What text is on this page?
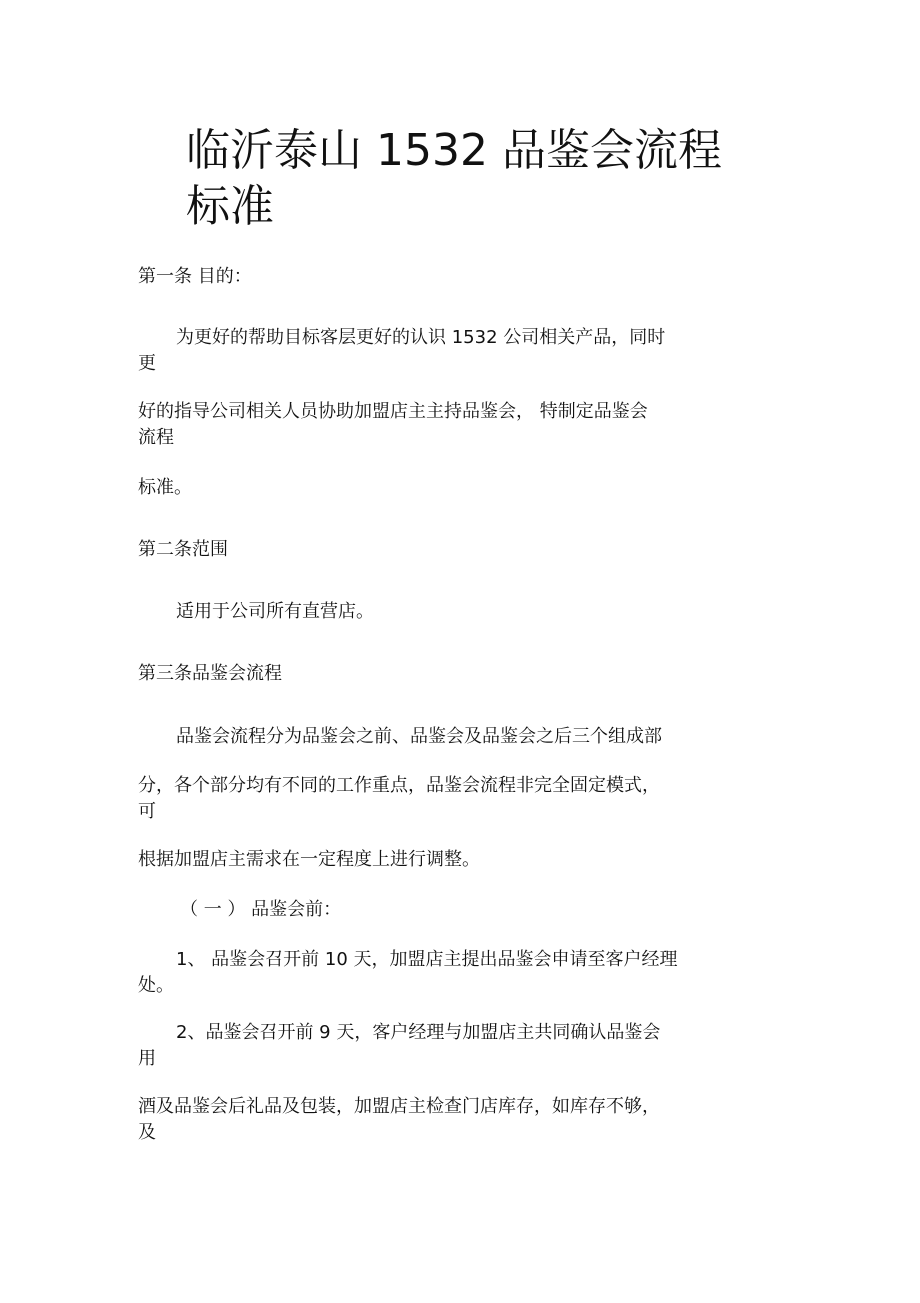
临沂泰山 1532 品鉴会流程
标准

第一条 目的：

为更好的帮助目标客层更好的认识 1532 公司相关产品，同时
更

好的指导公司相关人员协助加盟店主主持品鉴会， 特制定品鉴会
流程

标准。

第二条范围

适用于公司所有直营店。

第三条品鉴会流程

品鉴会流程分为品鉴会之前、品鉴会及品鉴会之后三个组成部

分，各个部分均有不同的工作重点，品鉴会流程非完全固定模式，
可

根据加盟店主需求在一定程度上进行调整。

（ 一 ） 品鉴会前：

1、 品鉴会召开前 10 天，加盟店主提出品鉴会申请至客户经理
处。

2、品鉴会召开前 9 天，客户经理与加盟店主共同确认品鉴会
用

酒及品鉴会后礼品及包装，加盟店主检查门店库存，如库存不够，
及
